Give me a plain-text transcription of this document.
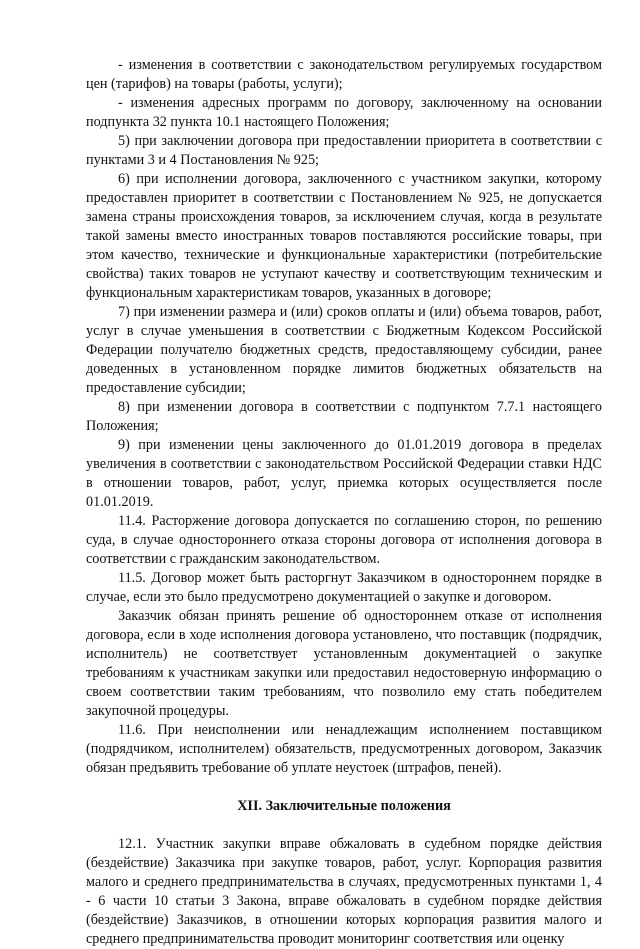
- изменения в соответствии с законодательством регулируемых государством цен (тарифов) на товары (работы, услуги);

- изменения адресных программ по договору, заключенному на основании подпункта 32 пункта 10.1 настоящего Положения;

5) при заключении договора при предоставлении приоритета в соответствии с пунктами 3 и 4 Постановления № 925;

6) при исполнении договора, заключенного с участником закупки, которому предоставлен приоритет в соответствии с Постановлением № 925, не допускается замена страны происхождения товаров, за исключением случая, когда в результате такой замены вместо иностранных товаров поставляются российские товары, при этом качество, технические и функциональные характеристики (потребительские свойства) таких товаров не уступают качеству и соответствующим техническим и функциональным характеристикам товаров, указанных в договоре;

7) при изменении размера и (или) сроков оплаты и (или) объема товаров, работ, услуг в случае уменьшения в соответствии с Бюджетным Кодексом Российской Федерации получателю бюджетных средств, предоставляющему субсидии, ранее доведенных в установленном порядке лимитов бюджетных обязательств на предоставление субсидии;

8) при изменении договора в соответствии с подпунктом 7.7.1 настоящего Положения;

9) при изменении цены заключенного до 01.01.2019 договора в пределах увеличения в соответствии с законодательством Российской Федерации ставки НДС в отношении товаров, работ, услуг, приемка которых осуществляется после 01.01.2019.

11.4. Расторжение договора допускается по соглашению сторон, по решению суда, в случае одностороннего отказа стороны договора от исполнения договора в соответствии с гражданским законодательством.

11.5. Договор может быть расторгнут Заказчиком в одностороннем порядке в случае, если это было предусмотрено документацией о закупке и договором.

Заказчик обязан принять решение об одностороннем отказе от исполнения договора, если в ходе исполнения договора установлено, что поставщик (подрядчик, исполнитель) не соответствует установленным документацией о закупке требованиям к участникам закупки или предоставил недостоверную информацию о своем соответствии таким требованиям, что позволило ему стать победителем закупочной процедуры.

11.6. При неисполнении или ненадлежащим исполнением поставщиком (подрядчиком, исполнителем) обязательств, предусмотренных договором, Заказчик обязан предъявить требование об уплате неустоек (штрафов, пеней).

XII. Заключительные положения

12.1. Участник закупки вправе обжаловать в судебном порядке действия (бездействие) Заказчика при закупке товаров, работ, услуг. Корпорация развития малого и среднего предпринимательства в случаях, предусмотренных пунктами 1, 4 - 6 части 10 статьи 3 Закона, вправе обжаловать в судебном порядке действия (бездействие) Заказчиков, в отношении которых корпорация развития малого и среднего предпринимательства проводит мониторинг соответствия или оценку
